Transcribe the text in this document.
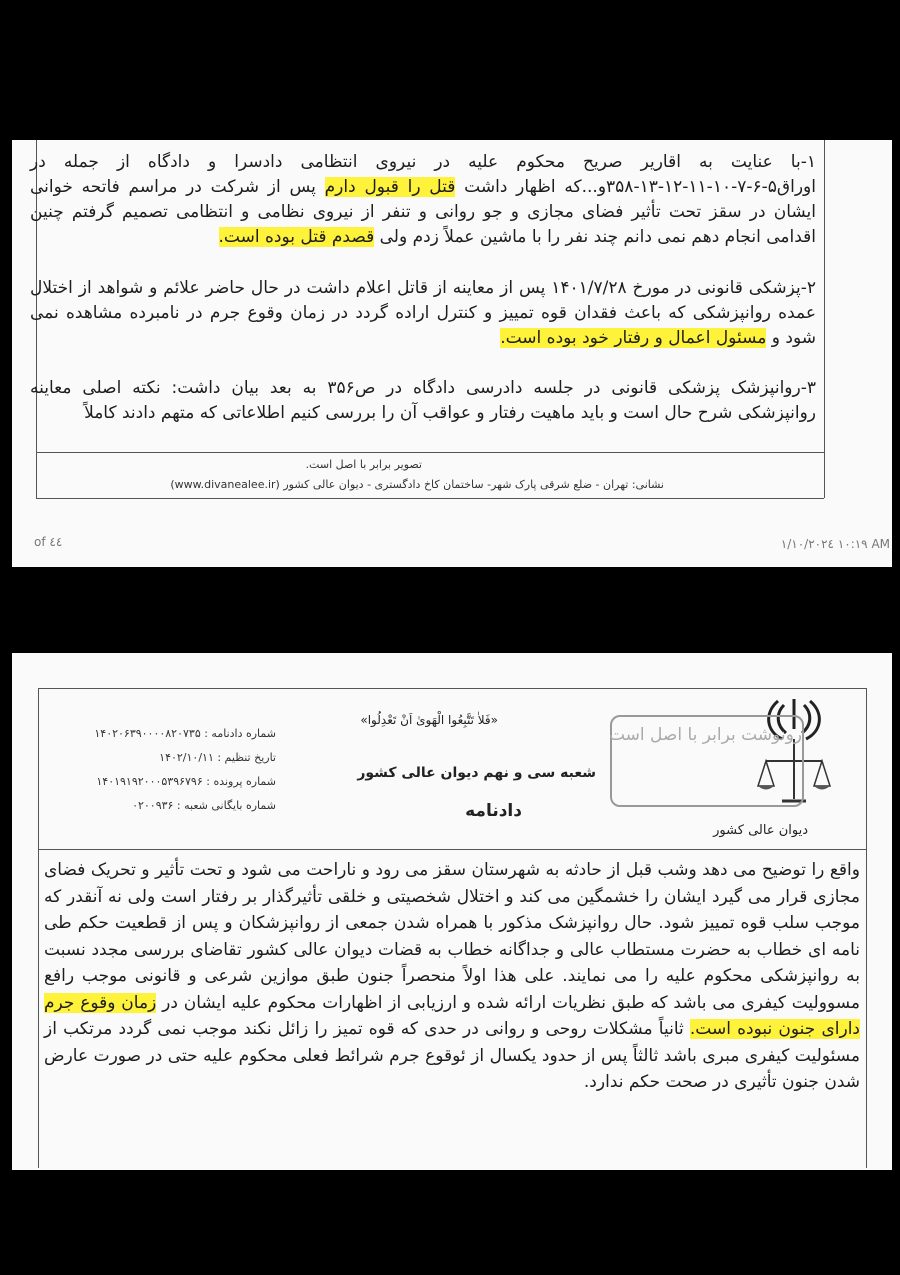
۱-با عنایت به اقاریر صریح محکوم علیه در نیروی انتظامی دادسرا و دادگاه از جمله در اوراق۵-۶-۷-۱۰-۱۱-۱۲-۱۳-۳۵۸و...که اظهار داشت قتل را قبول دارم پس از شرکت در مراسم فاتحه خوانی ایشان در سقز تحت تأثیر فضای مجازی و جو روانی و تنفر از نیروی نظامی و انتظامی تصمیم گرفتم چنین اقدامی انجام دهم نمی دانم چند نفر را با ماشین عملاً زدم ولی قصدم قتل بوده است.
۲-پزشکی قانونی در مورخ ۱۴۰۱/۷/۲۸ پس از معاینه از قاتل اعلام داشت در حال حاضر علائم و شواهد از اختلال عمده روانپزشکی که باعث فقدان قوه تمییز و کنترل اراده گردد در زمان وقوع جرم در نامبرده مشاهده نمی شود و مسئول اعمال و رفتار خود بوده است.
۳-روانپزشک پزشکی قانونی در جلسه دادرسی دادگاه در ص۳۵۶ به بعد بیان داشت: نکته اصلی معاینه روانپزشکی شرح حال است و باید ماهیت رفتار و عواقب آن را بررسی کنیم اطلاعاتی که متهم دادند کاملاً
تصویر برابر با اصل است.
نشانی: تهران - ضلع شرقی پارک شهر- ساختمان کاخ دادگستری - دیوان عالی کشور (www.divanealee.ir)
of ٤٤	۱/۱۰/۲۰۲٤ ۱۰:۱۹ AM
رونوشت برابر با اصل است
دیوان عالی کشور
«فَلاٰ تَتَّبِعُوا الْهَوىٰ اَنْ تَعْدِلُوا»
شعبه سی و نهم دیوان عالی کشور
دادنامه
شماره دادنامه : ۱۴۰۲۰۶۳۹۰۰۰۰۸۲۰۷۳۵
تاریخ تنظیم : ۱۴۰۲/۱۰/۱۱
شماره پرونده : ۱۴۰۱۹۱۹۲۰۰۰۵۳۹۶۷۹۶
شماره بایگانی شعبه : ۰۲۰۰۹۳۶
واقع را توضیح می دهد وشب قبل از حادثه به شهرستان سقز می رود و ناراحت می شود و تحت تأثیر و تحریک فضای مجازی قرار می گیرد ایشان را خشمگین می کند و اختلال شخصیتی و خلقی تأثیرگذار بر رفتار است ولی نه آنقدر که موجب سلب قوه تمییز شود. حال روانپزشک مذکور با همراه شدن جمعی از روانپزشکان و پس از قطعیت حکم طی نامه ای خطاب به حضرت مستطاب عالی و جداگانه خطاب به قضات دیوان عالی کشور تقاضای بررسی مجدد نسبت به روانپزشکی محکوم علیه را می نمایند. علی هذا اولاً منحصراً جنون طبق موازین شرعی و قانونی موجب رافع مسوولیت کیفری می باشد که طبق نظریات ارائه شده و ارزیابی از اظهارات محکوم علیه ایشان در زمان وقوع جرم دارای جنون نبوده است. ثانیاً مشکلات روحی و روانی در حدی که قوه تمیز را زائل نکند موجب نمی گردد مرتکب از مسئولیت کیفری مبری باشد ثالثاً پس از حدود یکسال از ئوقوع جرم شرائط فعلی محکوم علیه حتی در صورت عارض شدن جنون تأثیری در صحت حکم ندارد.
